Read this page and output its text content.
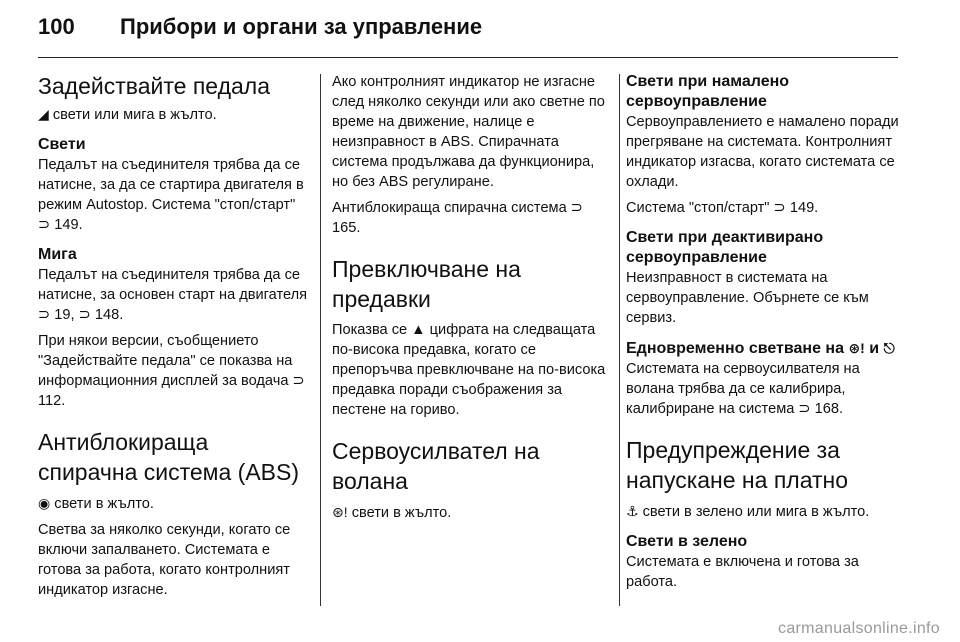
100	Прибори и органи за управление
Задействайте педала

◢ свети или мига в жълто.

Свети

Педалът на съединителя трябва да се натисне, за да се стартира двигателя в режим Autostop. Система "стоп/старт" ⊃ 149.

Мига

Педалът на съединителя трябва да се натисне, за основен старт на двигателя ⊃ 19, ⊃ 148.

При някои версии, съобщението "Задействайте педала" се показва на информационния дисплей за водача ⊃ 112.

Антиблокираща спирачна система (ABS)

◉ свети в жълто.

Светва за няколко секунди, когато се включи запалването. Системата е готова за работа, когато контролният индикатор изгасне.

Ако контролният индикатор не изгасне след няколко секунди или ако светне по време на движение, налице е неизправност в ABS. Спирачната система продължава да функционира, но без ABS регулиране.

Антиблокираща спирачна система ⊃ 165.

Превключване на предавки

Показва се ▲ цифрата на следващата по-висока предавка, когато се препоръчва превключване на по-висока предавка поради съображения за пестене на гориво.

Сервоусилвател на волана

⊛! свети в жълто.

Свети при намалено сервоуправление

Сервоуправлението е намалено поради прегряване на системата. Контролният индикатор изгасва, когато системата се охлади.

Система "стоп/старт" ⊃ 149.

Свети при деактивирано сервоуправление

Неизправност в системата на сервоуправление. Обърнете се към сервиз.

Едновременно светване на ⊛! и ⎋

Системата на сервоусилвателя на волана трябва да се калибрира, калибриране на система ⊃ 168.

Предупреждение за напускане на платно

⚓ свети в зелено или мига в жълто.

Свети в зелено

Системата е включена и готова за работа.

carmanualsonline.info
